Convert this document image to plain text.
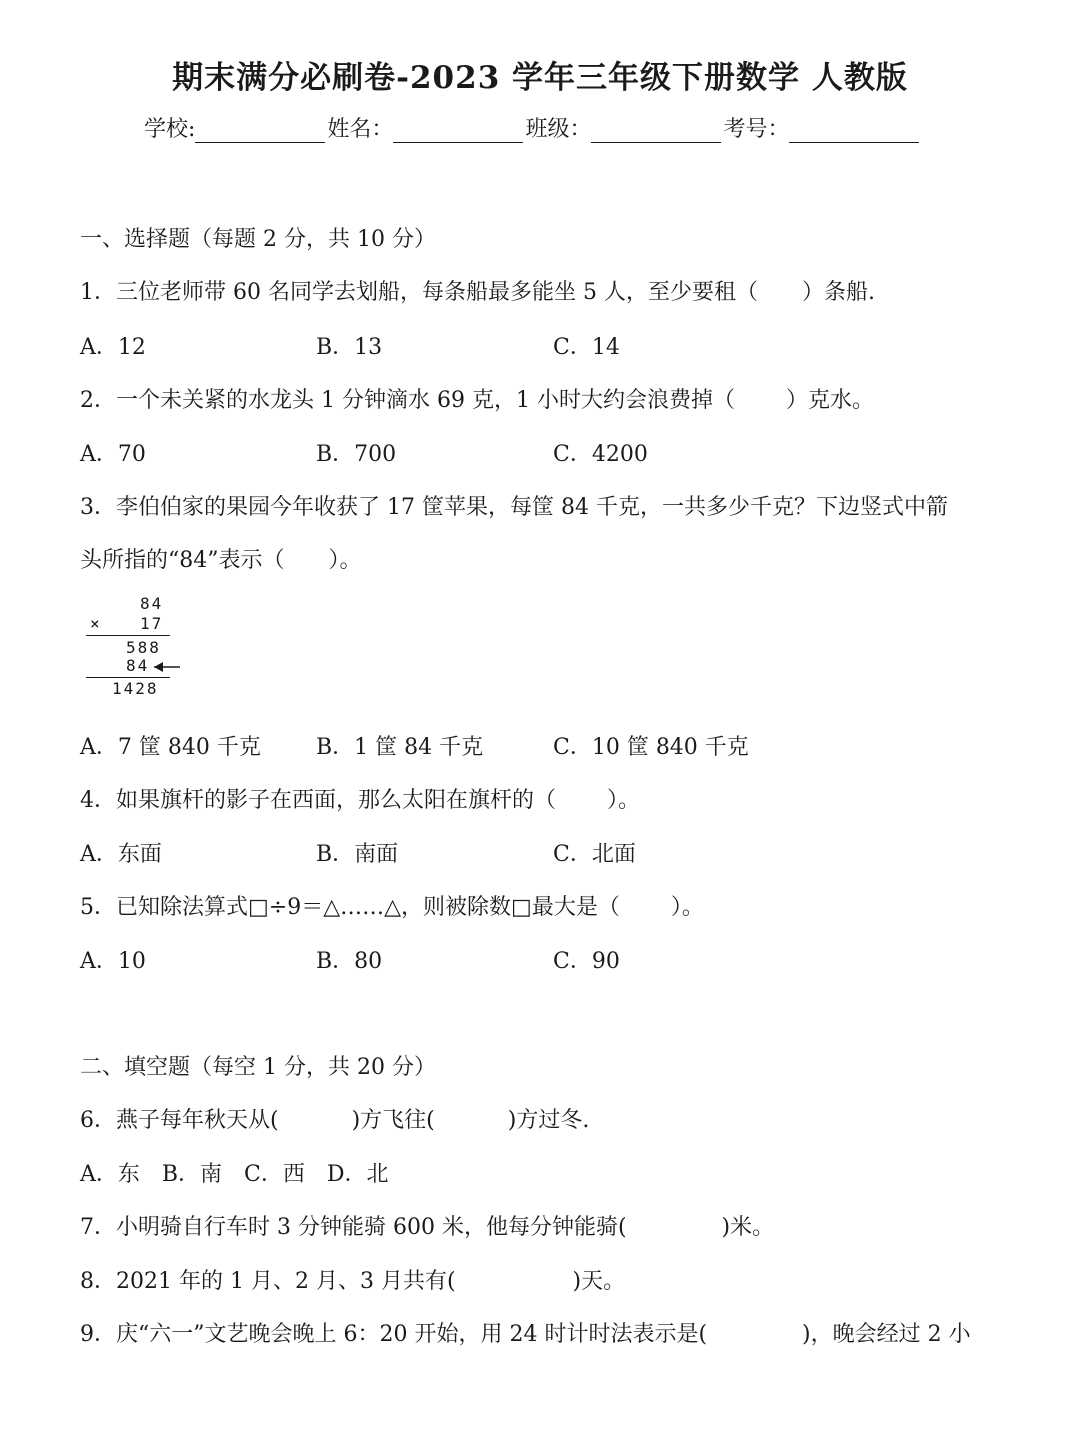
期末满分必刷卷-2023 学年三年级下册数学 人教版
学校:	姓名：	班级：	考号：
一、选择题（每题 2 分，共 10 分）
1．三位老师带 60 名同学去划船，每条船最多能坐 5 人，至少要租（　　）条船.
A．12	B．13	C．14
2．一个未关紧的水龙头 1 分钟滴水 69 克，1 小时大约会浪费掉（　　 ）克水。
A．70	B．700	C．4200
3．李伯伯家的果园今年收获了 17 筐苹果，每筐 84 千克，一共多少千克？下边竖式中箭
头所指的“84”表示（　　）。
84
× 17
588
84
1428
A．7 筐 840 千克	B．1 筐 84 千克	C．10 筐 840 千克
4．如果旗杆的影子在西面，那么太阳在旗杆的（　　 ）。
A．东面	B．南面	C．北面
5．已知除法算式□÷9＝△……△，则被除数□最大是（　　 ）。
A．10	B．80	C．90
二、填空题（每空 1 分，共 20 分）
6．燕子每年秋天从(　　 　)方飞往(　　 　)方过冬.
A．东　B．南　C．西　D．北
7．小明骑自行车时 3 分钟能骑 600 米，他每分钟能骑(　　 　　)米。
8．2021 年的 1 月、2 月、3 月共有(　　 　　　)天。
9．庆“六一”文艺晚会晚上 6：20 开始，用 24 时计时法表示是(　　 　　)，晚会经过 2 小
